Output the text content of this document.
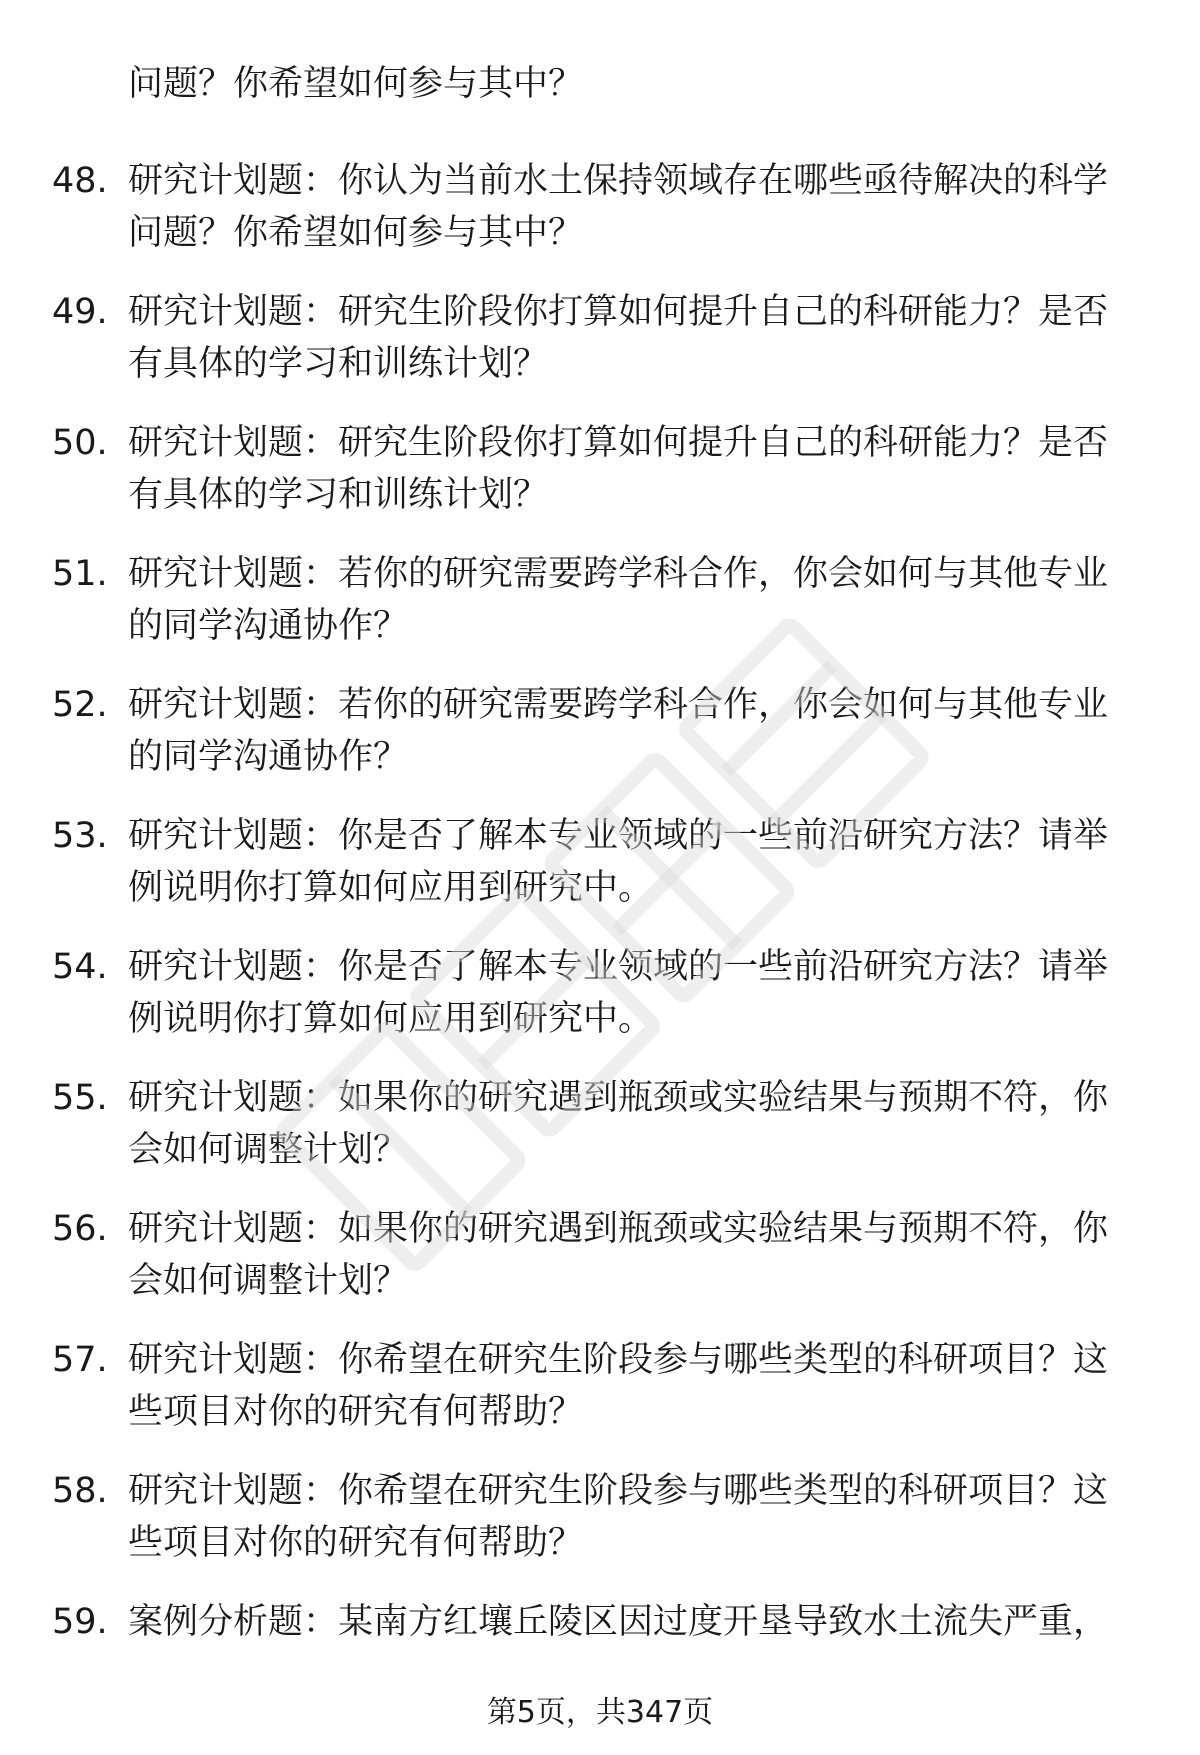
问题？你希望如何参与其中？

48. 研究计划题：你认为当前水土保持领域存在哪些亟待解决的科学问题？你希望如何参与其中？
49. 研究计划题：研究生阶段你打算如何提升自己的科研能力？是否有具体的学习和训练计划？
50. 研究计划题：研究生阶段你打算如何提升自己的科研能力？是否有具体的学习和训练计划？
51. 研究计划题：若你的研究需要跨学科合作，你会如何与其他专业的同学沟通协作？
52. 研究计划题：若你的研究需要跨学科合作，你会如何与其他专业的同学沟通协作？
53. 研究计划题：你是否了解本专业领域的一些前沿研究方法？请举例说明你打算如何应用到研究中。
54. 研究计划题：你是否了解本专业领域的一些前沿研究方法？请举例说明你打算如何应用到研究中。
55. 研究计划题：如果你的研究遇到瓶颈或实验结果与预期不符，你会如何调整计划？
56. 研究计划题：如果你的研究遇到瓶颈或实验结果与预期不符，你会如何调整计划？
57. 研究计划题：你希望在研究生阶段参与哪些类型的科研项目？这些项目对你的研究有何帮助？
58. 研究计划题：你希望在研究生阶段参与哪些类型的科研项目？这些项目对你的研究有何帮助？
59. 案例分析题：某南方红壤丘陵区因过度开垦导致水土流失严重，
第5页，共347页
